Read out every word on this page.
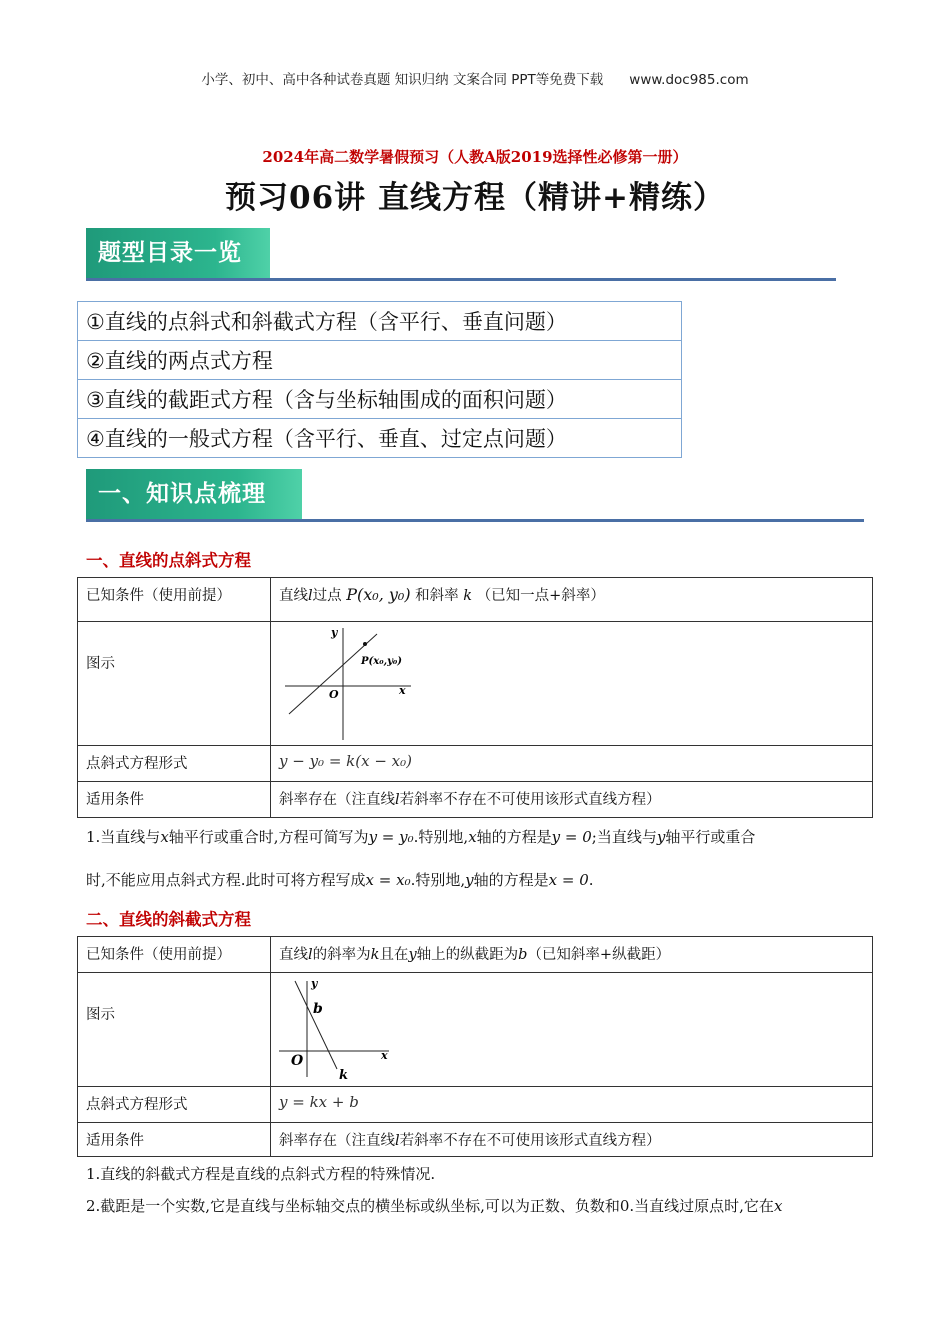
小学、初中、高中各种试卷真题 知识归纳 文案合同 PPT等免费下载 www.doc985.com
2024年高二数学暑假预习（人教A版2019选择性必修第一册）
预习06讲 直线方程（精讲+精练）
题型目录一览
①直线的点斜式和斜截式方程（含平行、垂直问题）
②直线的两点式方程
③直线的截距式方程（含与坐标轴围成的面积问题）
④直线的一般式方程（含平行、垂直、过定点问题）
一、知识点梳理
一、直线的点斜式方程
已知条件（使用前提）	直线l过点 P(x₀, y₀) 和斜率 k （已知一点+斜率）
图示	y
x
O
P(x₀,y₀)

点斜式方程形式	y − y₀ = k(x − x₀)
适用条件	斜率存在（注直线l若斜率不存在不可使用该形式直线方程）
1.当直线与x轴平行或重合时,方程可简写为y = y₀.特别地,x轴的方程是y = 0;当直线与y轴平行或重合
时,不能应用点斜式方程.此时可将方程写成x = x₀.特别地,y轴的方程是x = 0.
二、直线的斜截式方程
已知条件（使用前提）	直线l的斜率为k且在y轴上的纵截距为b（已知斜率+纵截距）
图示	y
x
O
b
k

点斜式方程形式	y = kx + b
适用条件	斜率存在（注直线l若斜率不存在不可使用该形式直线方程）
1.直线的斜截式方程是直线的点斜式方程的特殊情况.
2.截距是一个实数,它是直线与坐标轴交点的横坐标或纵坐标,可以为正数、负数和0.当直线过原点时,它在x
